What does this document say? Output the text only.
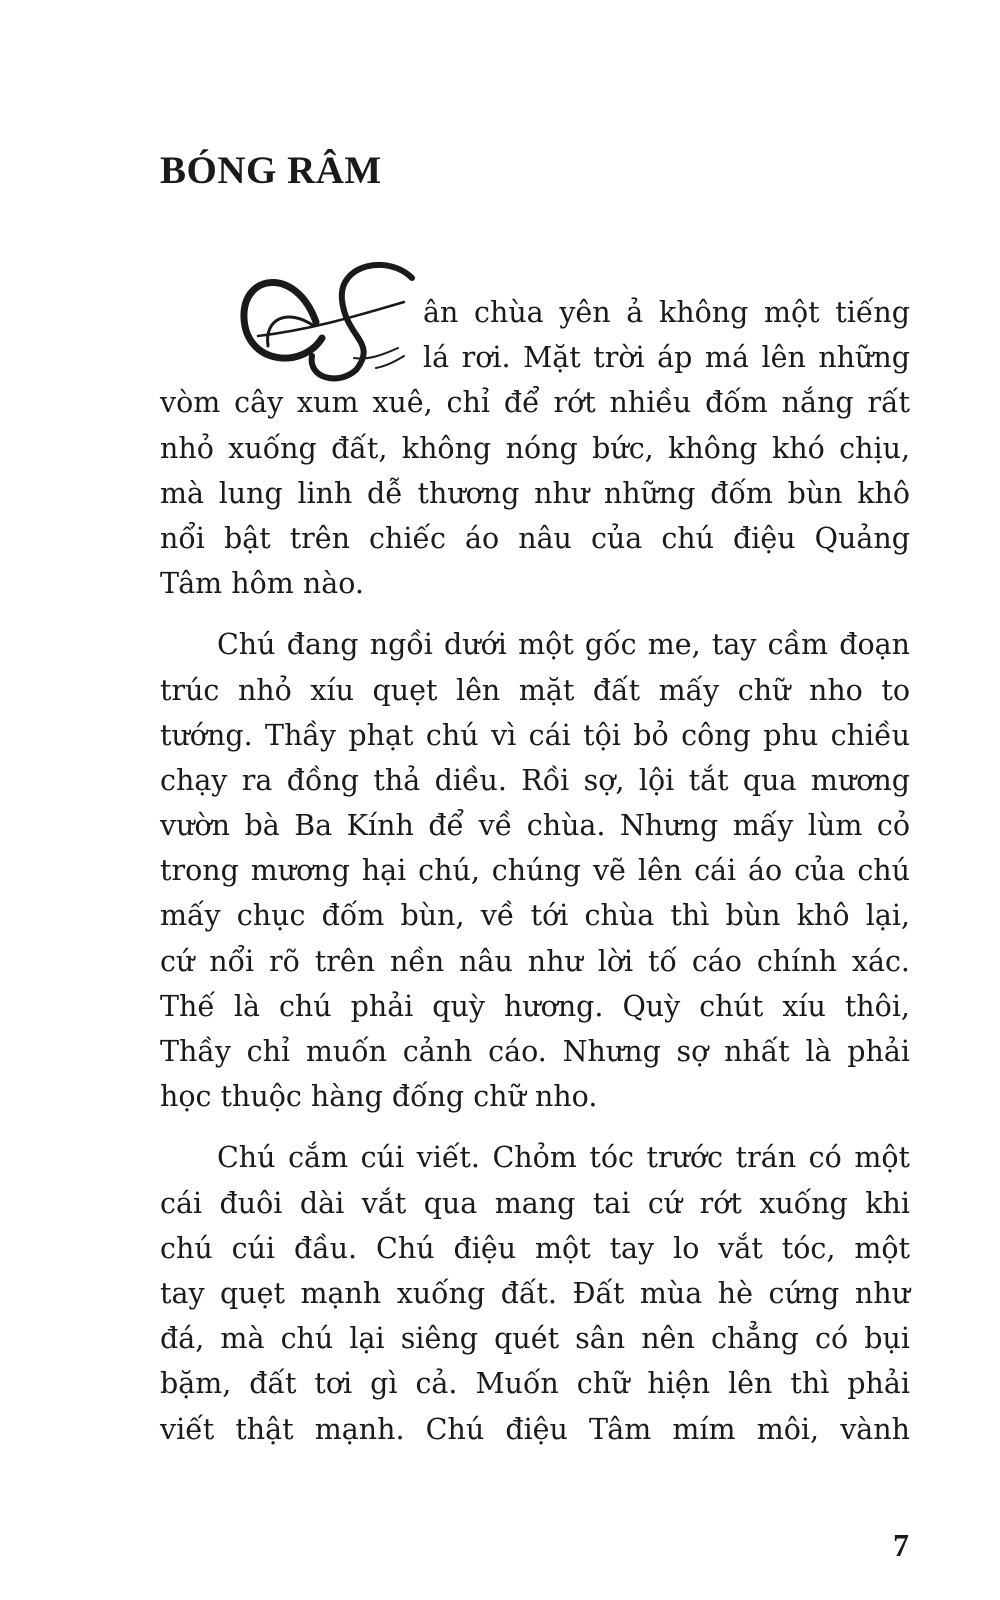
BÓNG RÂM
S
ân chùa yên ả không một tiếng
lá rơi. Mặt trời áp má lên những
vòm cây xum xuê, chỉ để rớt nhiều đốm nắng rất
nhỏ xuống đất, không nóng bức, không khó chịu,
mà lung linh dễ thương như những đốm bùn khô
nổi bật trên chiếc áo nâu của chú điệu Quảng
Tâm hôm nào.
Chú đang ngồi dưới một gốc me, tay cầm đoạn
trúc nhỏ xíu quẹt lên mặt đất mấy chữ nho to
tướng. Thầy phạt chú vì cái tội bỏ công phu chiều
chạy ra đồng thả diều. Rồi sợ, lội tắt qua mương
vườn bà Ba Kính để về chùa. Nhưng mấy lùm cỏ
trong mương hại chú, chúng vẽ lên cái áo của chú
mấy chục đốm bùn, về tới chùa thì bùn khô lại,
cứ nổi rõ trên nền nâu như lời tố cáo chính xác.
Thế là chú phải quỳ hương. Quỳ chút xíu thôi,
Thầy chỉ muốn cảnh cáo. Nhưng sợ nhất là phải
học thuộc hàng đống chữ nho.
Chú cắm cúi viết. Chỏm tóc trước trán có một
cái đuôi dài vắt qua mang tai cứ rớt xuống khi
chú cúi đầu. Chú điệu một tay lo vắt tóc, một
tay quẹt mạnh xuống đất. Đất mùa hè cứng như
đá, mà chú lại siêng quét sân nên chẳng có bụi
bặm, đất tơi gì cả. Muốn chữ hiện lên thì phải
viết thật mạnh. Chú điệu Tâm mím môi, vành
7
